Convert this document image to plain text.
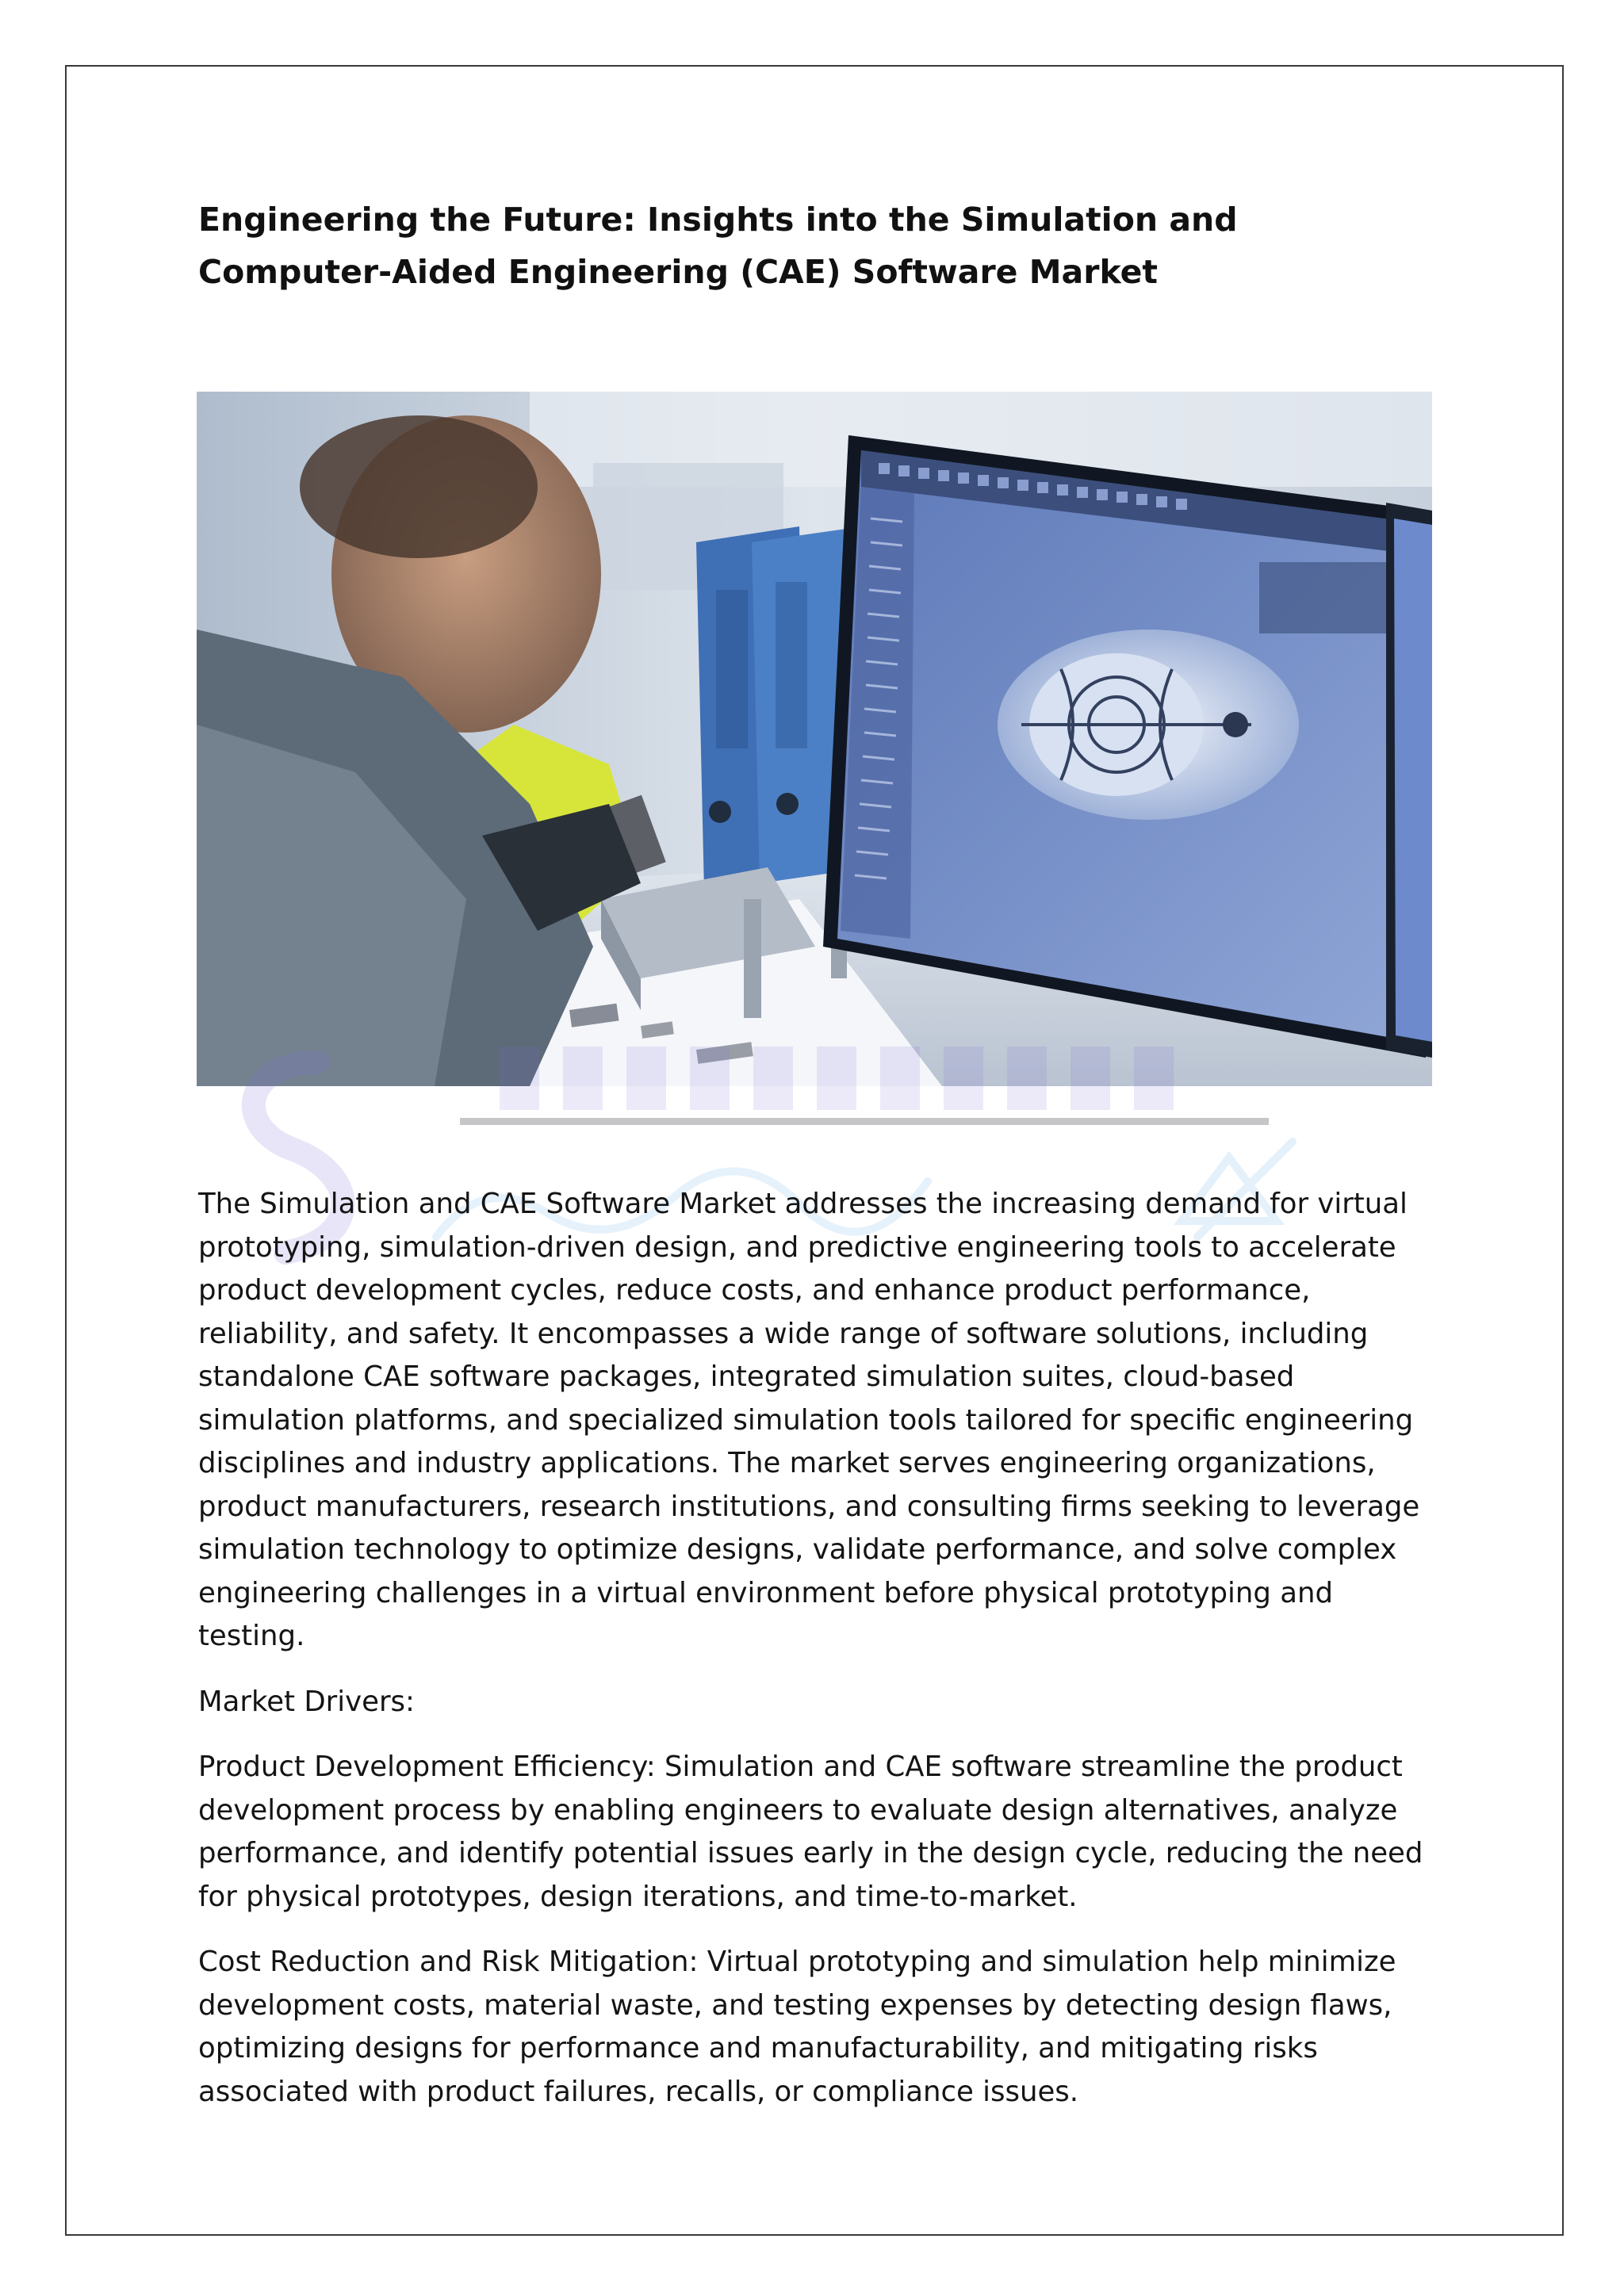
Engineering the Future: Insights into the Simulation and Computer-Aided Engineering (CAE) Software Market

The Simulation and CAE Software Market addresses the increasing demand for virtual prototyping, simulation-driven design, and predictive engineering tools to accelerate product development cycles, reduce costs, and enhance product performance, reliability, and safety. It encompasses a wide range of software solutions, including standalone CAE software packages, integrated simulation suites, cloud-based simulation platforms, and specialized simulation tools tailored for specific engineering disciplines and industry applications. The market serves engineering organizations, product manufacturers, research institutions, and consulting firms seeking to leverage simulation technology to optimize designs, validate performance, and solve complex engineering challenges in a virtual environment before physical prototyping and testing.

Market Drivers:

Product Development Efficiency: Simulation and CAE software streamline the product development process by enabling engineers to evaluate design alternatives, analyze performance, and identify potential issues early in the design cycle, reducing the need for physical prototypes, design iterations, and time-to-market.

Cost Reduction and Risk Mitigation: Virtual prototyping and simulation help minimize development costs, material waste, and testing expenses by detecting design flaws, optimizing designs for performance and manufacturability, and mitigating risks associated with product failures, recalls, or compliance issues.
